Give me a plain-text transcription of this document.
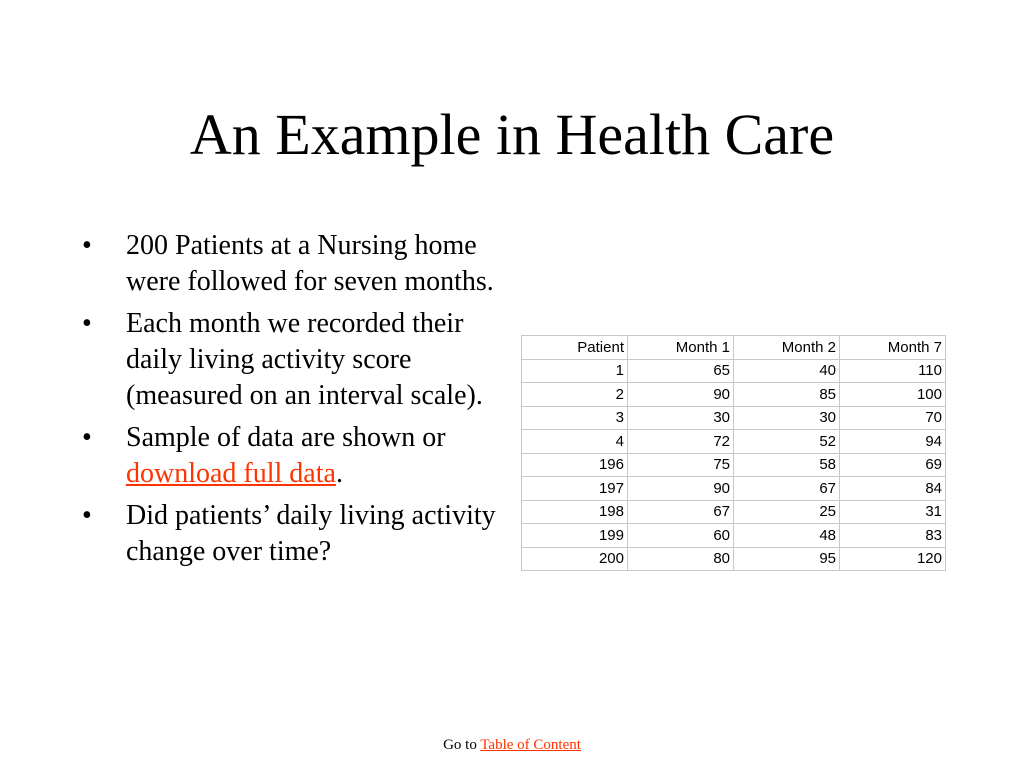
An Example in Health Care
• 200 Patients at a Nursing home were followed for seven months.
• Each month we recorded their daily living activity score (measured on an interval scale).
• Sample of data are shown or download full data.
• Did patients’ daily living activity change over time?
Patient	Month 1	Month 2	Month 7
1	65	40	110
2	90	85	100
3	30	30	70
4	72	52	94
196	75	58	69
197	90	67	84
198	67	25	31
199	60	48	83
200	80	95	120
Go to Table of Content
